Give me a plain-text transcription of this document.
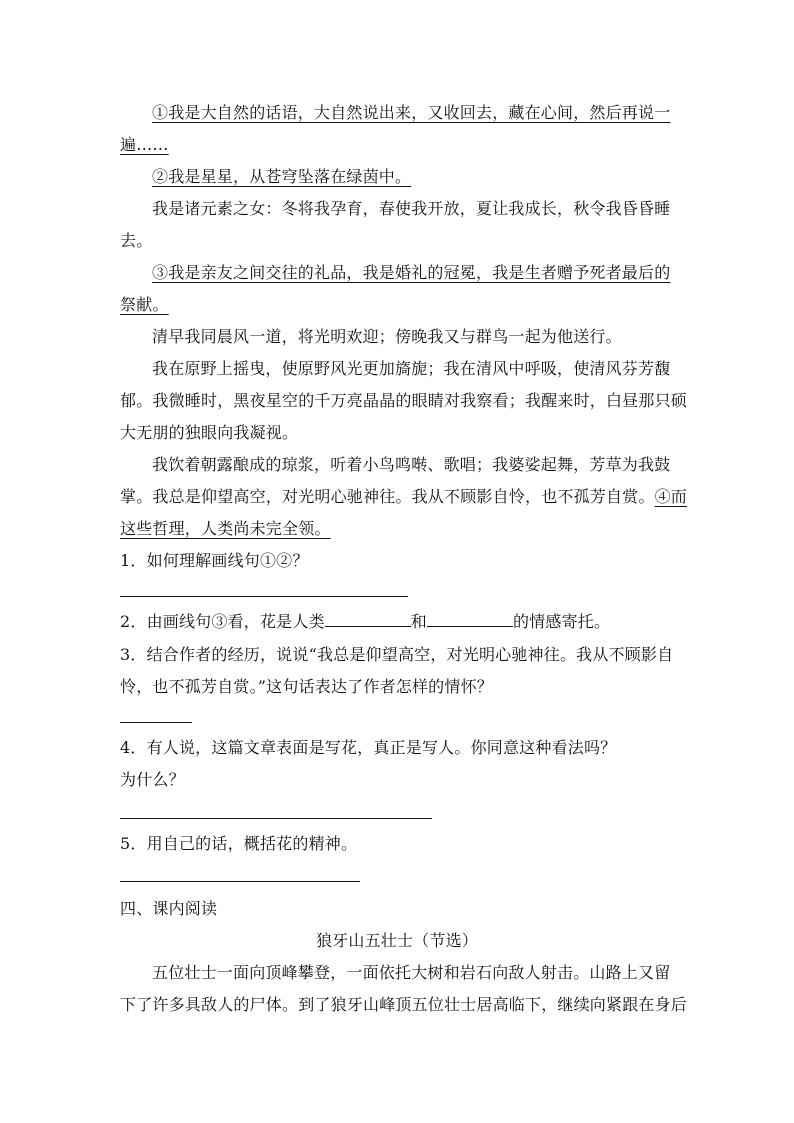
①我是大自然的话语，大自然说出来，又收回去，藏在心间，然后再说一
遍……
②我是星星，从苍穹坠落在绿茵中。
我是诸元素之女：冬将我孕育，春使我开放，夏让我成长，秋令我昏昏睡
去。
③我是亲友之间交往的礼品，我是婚礼的冠冕，我是生者赠予死者最后的
祭献。
清早我同晨风一道，将光明欢迎；傍晚我又与群鸟一起为他送行。
我在原野上摇曳，使原野风光更加旖旎；我在清风中呼吸，使清风芬芳馥
郁。我微睡时，黑夜星空的千万亮晶晶的眼睛对我察看；我醒来时，白昼那只硕
大无朋的独眼向我凝视。
我饮着朝露酿成的琼浆，听着小鸟鸣啭、歌唱；我婆娑起舞，芳草为我鼓
掌。我总是仰望高空，对光明心驰神往。我从不顾影自怜，也不孤芳自赏。④而
这些哲理，人类尚未完全领。
1．如何理解画线句①②？
2．由画线句③看，花是人类	和	的情感寄托。
3．结合作者的经历，说说“我总是仰望高空，对光明心驰神往。我从不顾影自
怜，也不孤芳自赏。”这句话表达了作者怎样的情怀？
4．有人说，这篇文章表面是写花，真正是写人。你同意这种看法吗？
为什么？
5．用自己的话，概括花的精神。
四、课内阅读
狼牙山五壮士（节选）
五位壮士一面向顶峰攀登，一面依托大树和岩石向敌人射击。山路上又留
下了许多具敌人的尸体。到了狼牙山峰顶五位壮士居高临下，继续向紧跟在身后
